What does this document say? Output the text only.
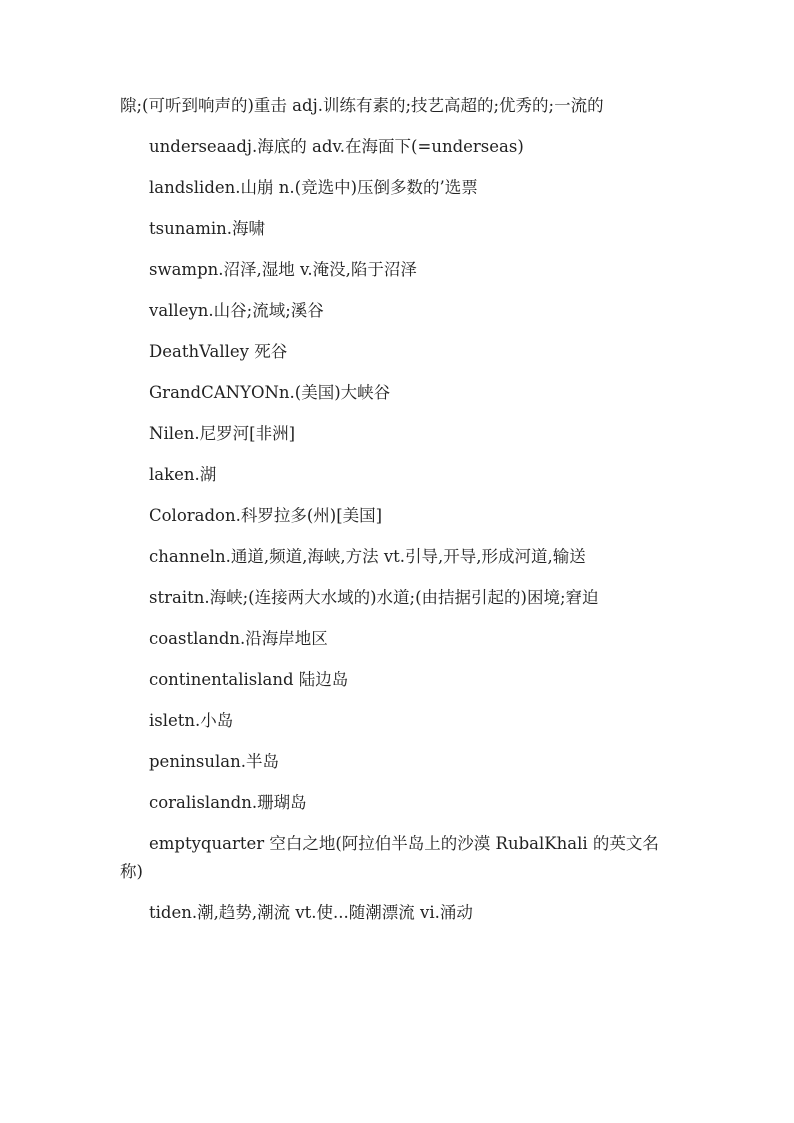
隙;(可听到响声的)重击 adj.训练有素的;技艺高超的;优秀的;一流的

underseaadj.海底的 adv.在海面下(=underseas)

landsliden.山崩 n.(竞选中)压倒多数的’选票

tsunamin.海啸

swampn.沼泽,湿地 v.淹没,陷于沼泽

valleyn.山谷;流域;溪谷

DeathValley 死谷

GrandCANYONn.(美国)大峡谷

Nilen.尼罗河[非洲]

laken.湖

Coloradon.科罗拉多(州)[美国]

channeln.通道,频道,海峡,方法 vt.引导,开导,形成河道,输送

straitn.海峡;(连接两大水域的)水道;(由拮据引起的)困境;窘迫

coastlandn.沿海岸地区

continentalisland 陆边岛

isletn.小岛

peninsulan.半岛

coralislandn.珊瑚岛

emptyquarter 空白之地(阿拉伯半岛上的沙漠 RubalKhali 的英文名称)

tiden.潮,趋势,潮流 vt.使...随潮漂流 vi.涌动
